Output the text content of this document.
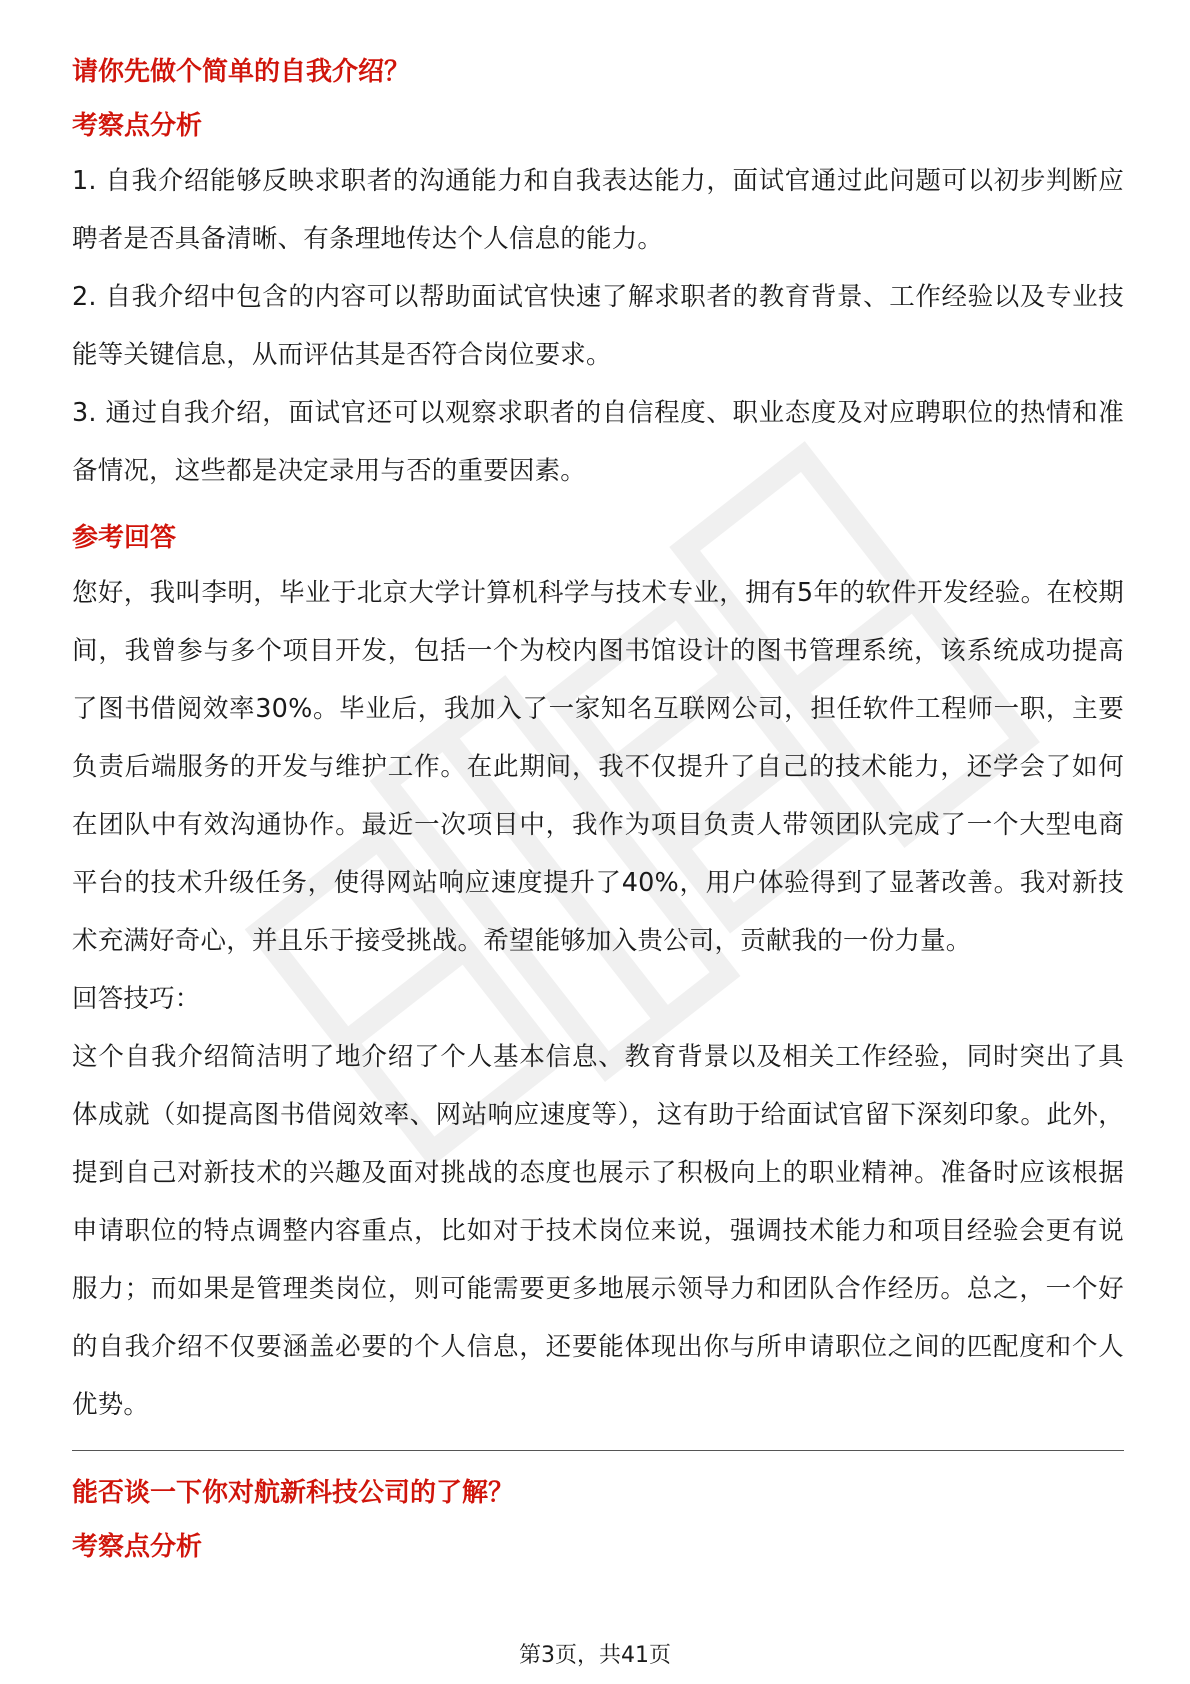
请你先做个简单的自我介绍？
考察点分析

1. 自我介绍能够反映求职者的沟通能力和自我表达能力，面试官通过此问题可以初步判断应聘者是否具备清晰、有条理地传达个人信息的能力。

2. 自我介绍中包含的内容可以帮助面试官快速了解求职者的教育背景、工作经验以及专业技能等关键信息，从而评估其是否符合岗位要求。

3. 通过自我介绍，面试官还可以观察求职者的自信程度、职业态度及对应聘职位的热情和准备情况，这些都是决定录用与否的重要因素。

参考回答

您好，我叫李明，毕业于北京大学计算机科学与技术专业，拥有5年的软件开发经验。在校期间，我曾参与多个项目开发，包括一个为校内图书馆设计的图书管理系统，该系统成功提高了图书借阅效率30%。毕业后，我加入了一家知名互联网公司，担任软件工程师一职，主要负责后端服务的开发与维护工作。在此期间，我不仅提升了自己的技术能力，还学会了如何在团队中有效沟通协作。最近一次项目中，我作为项目负责人带领团队完成了一个大型电商平台的技术升级任务，使得网站响应速度提升了40%，用户体验得到了显著改善。我对新技术充满好奇心，并且乐于接受挑战。希望能够加入贵公司，贡献我的一份力量。

回答技巧：

这个自我介绍简洁明了地介绍了个人基本信息、教育背景以及相关工作经验，同时突出了具体成就（如提高图书借阅效率、网站响应速度等），这有助于给面试官留下深刻印象。此外，提到自己对新技术的兴趣及面对挑战的态度也展示了积极向上的职业精神。准备时应该根据申请职位的特点调整内容重点，比如对于技术岗位来说，强调技术能力和项目经验会更有说服力；而如果是管理类岗位，则可能需要更多地展示领导力和团队合作经历。总之，一个好的自我介绍不仅要涵盖必要的个人信息，还要能体现出你与所申请职位之间的匹配度和个人优势。

能否谈一下你对航新科技公司的了解？
考察点分析
第3页，共41页
